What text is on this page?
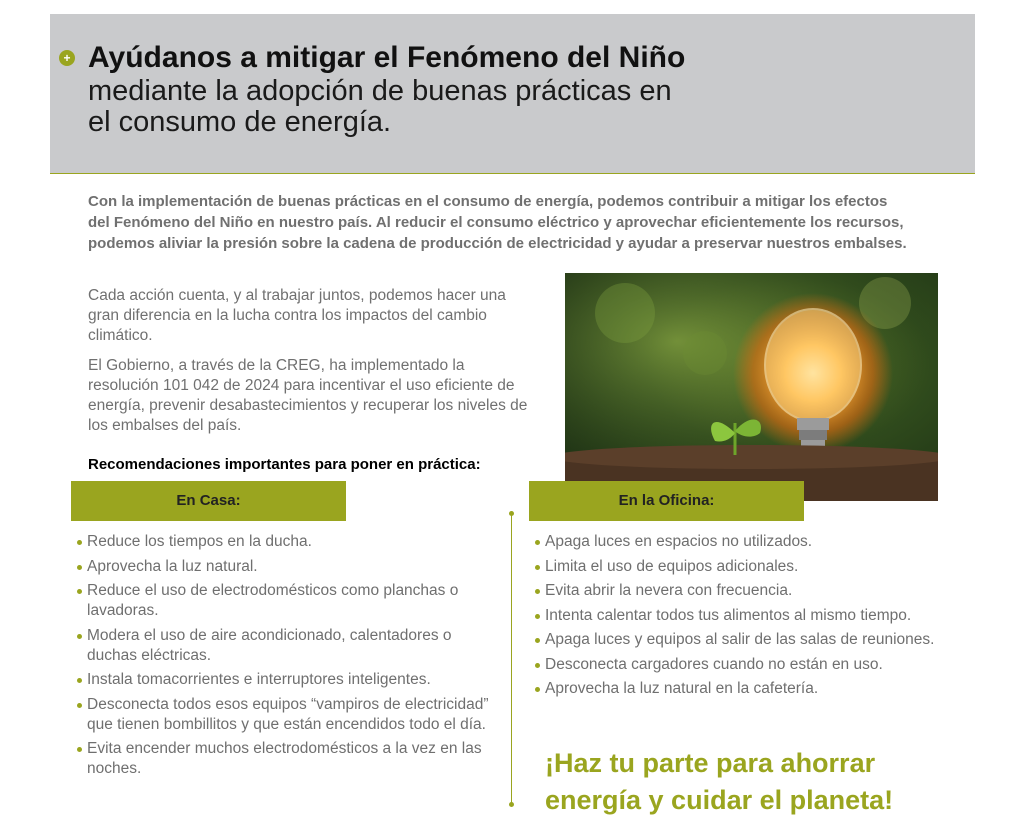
+ Ayúdanos a mitigar el Fenómeno del Niño
mediante la adopción de buenas prácticas en
el consumo de energía.

Con la implementación de buenas prácticas en el consumo de energía, podemos contribuir a mitigar los efectos del Fenómeno del Niño en nuestro país. Al reducir el consumo eléctrico y aprovechar eficientemente los recursos, podemos aliviar la presión sobre la cadena de producción de electricidad y ayudar a preservar nuestros embalses.

Cada acción cuenta, y al trabajar juntos, podemos hacer una gran diferencia en la lucha contra los impactos del cambio climático.

El Gobierno, a través de la CREG, ha implementado la resolución 101 042 de 2024 para incentivar el uso eficiente de energía, prevenir desabastecimientos y recuperar los niveles de los embalses del país.

Recomendaciones importantes para poner en práctica:
En Casa:	En la Oficina:
Reduce los tiempos en la ducha.
Aprovecha la luz natural.
Reduce el uso de electrodomésticos como planchas o lavadoras.
Modera el uso de aire acondicionado, calentadores o duchas eléctricas.
Instala tomacorrientes e interruptores inteligentes.
Desconecta todos esos equipos “vampiros de electricidad” que tienen bombillitos y que están encendidos todo el día.
Evita encender muchos electrodomésticos a la vez en las noches.
Apaga luces en espacios no utilizados.
Limita el uso de equipos adicionales.
Evita abrir la nevera con frecuencia.
Intenta calentar todos tus alimentos al mismo tiempo.
Apaga luces y equipos al salir de las salas de reuniones.
Desconecta cargadores cuando no están en uso.
Aprovecha la luz natural en la cafetería.
¡Haz tu parte para ahorrar
energía y cuidar el planeta!
